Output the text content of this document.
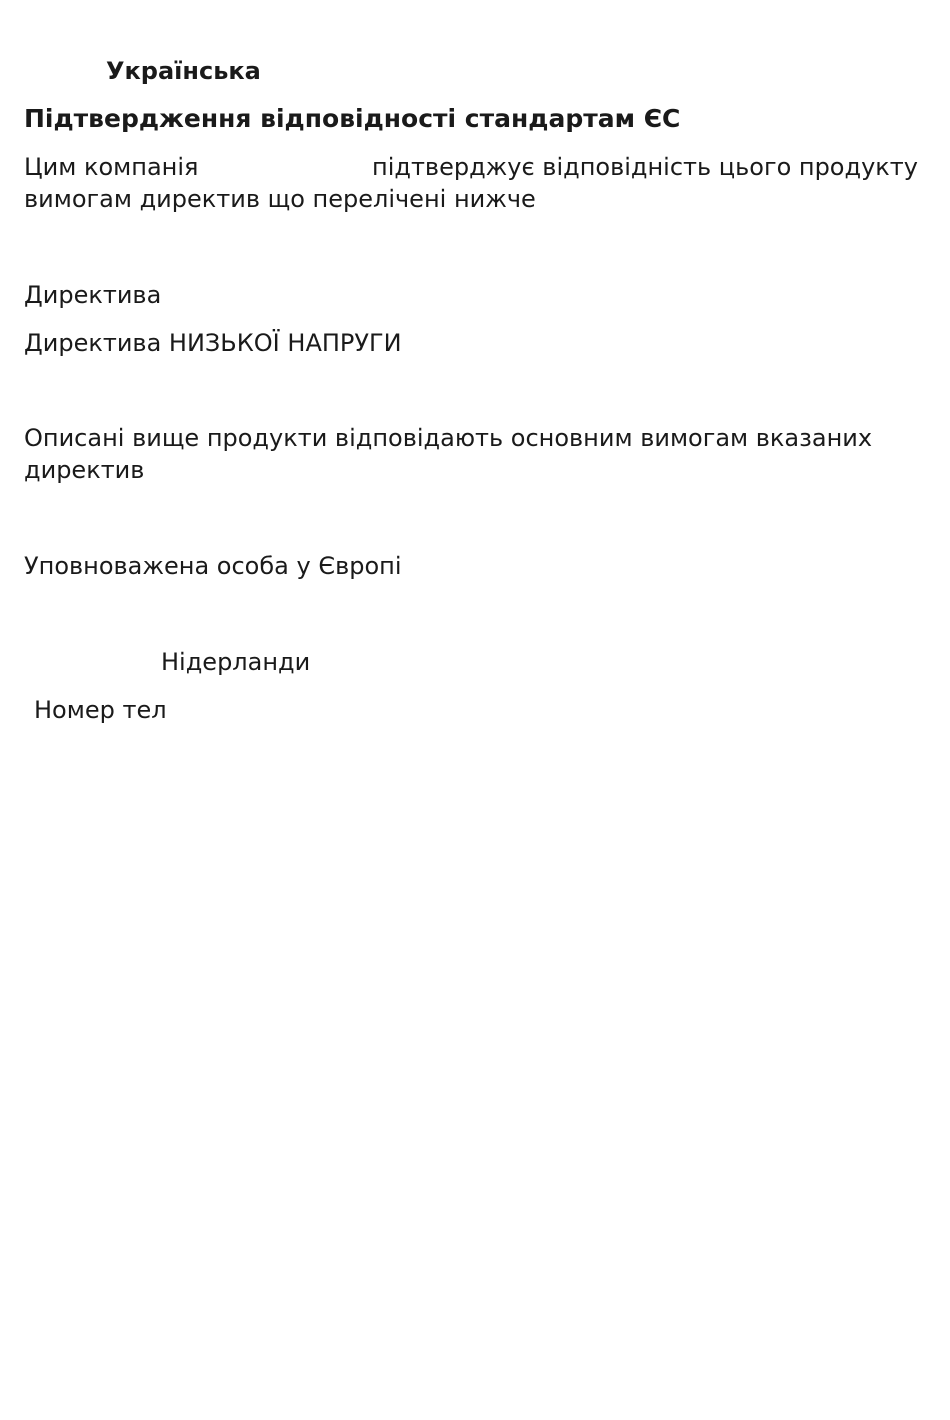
Українська

Підтвердження відповідності стандартам ЄС

Цим компанія	підтверджує відповідність цього продукту

вимогам директив що перелічені нижче

Директива

Директива НИЗЬКОЇ НАПРУГИ

Описані вище продукти відповідають основним вимогам вказаних

директив

Уповноважена особа у Європі

Нідерланди

Номер тел
